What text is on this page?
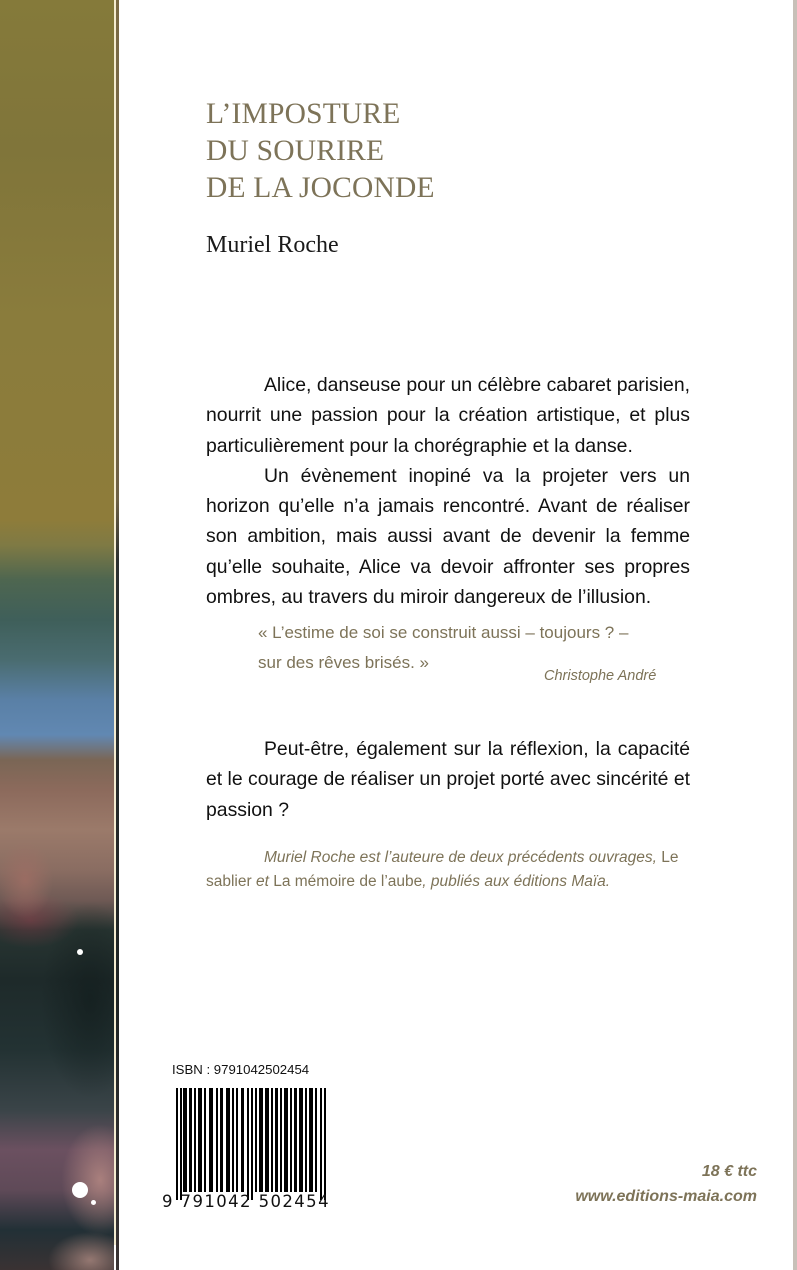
L’IMPOSTURE
DU SOURIRE
DE LA JOCONDE
Muriel Roche

Alice, danseuse pour un célèbre cabaret parisien, nourrit une passion pour la création artistique, et plus particulièrement pour la chorégraphie et la danse.

Un évènement inopiné va la projeter vers un horizon qu’elle n’a jamais rencontré. Avant de réaliser son ambition, mais aussi avant de devenir la femme qu’elle souhaite, Alice va devoir affronter ses propres ombres, au travers du miroir dangereux de l’illusion.

« L’estime de soi se construit aussi – toujours ? –
sur des rêves brisés. »
Christophe André

Peut-être, également sur la réflexion, la capacité et le courage de réaliser un projet porté avec sincérité et passion ?

Muriel Roche est l’auteure de deux précédents ouvrages, Le sablier et La mémoire de l’aube, publiés aux éditions Maïa.

ISBN : 9791042502454
9 791042 502454
18 € ttc
www.editions-maia.com
